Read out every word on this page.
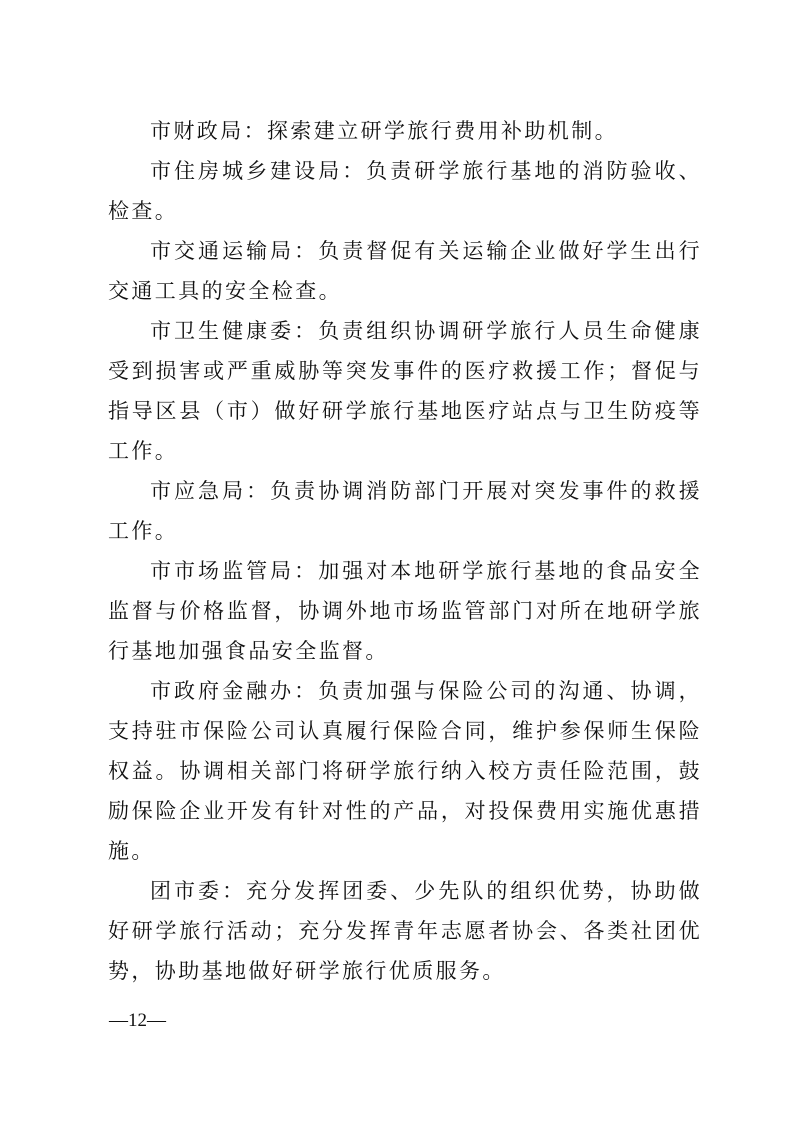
市财政局：探索建立研学旅行费用补助机制。

市住房城乡建设局：负责研学旅行基地的消防验收、检查。

市交通运输局：负责督促有关运输企业做好学生出行交通工具的安全检查。

市卫生健康委：负责组织协调研学旅行人员生命健康受到损害或严重威胁等突发事件的医疗救援工作；督促与指导区县（市）做好研学旅行基地医疗站点与卫生防疫等工作。

市应急局：负责协调消防部门开展对突发事件的救援工作。

市市场监管局：加强对本地研学旅行基地的食品安全监督与价格监督，协调外地市场监管部门对所在地研学旅行基地加强食品安全监督。

市政府金融办：负责加强与保险公司的沟通、协调，支持驻市保险公司认真履行保险合同，维护参保师生保险权益。协调相关部门将研学旅行纳入校方责任险范围，鼓励保险企业开发有针对性的产品，对投保费用实施优惠措施。

团市委：充分发挥团委、少先队的组织优势，协助做好研学旅行活动；充分发挥青年志愿者协会、各类社团优势，协助基地做好研学旅行优质服务。

—12—
